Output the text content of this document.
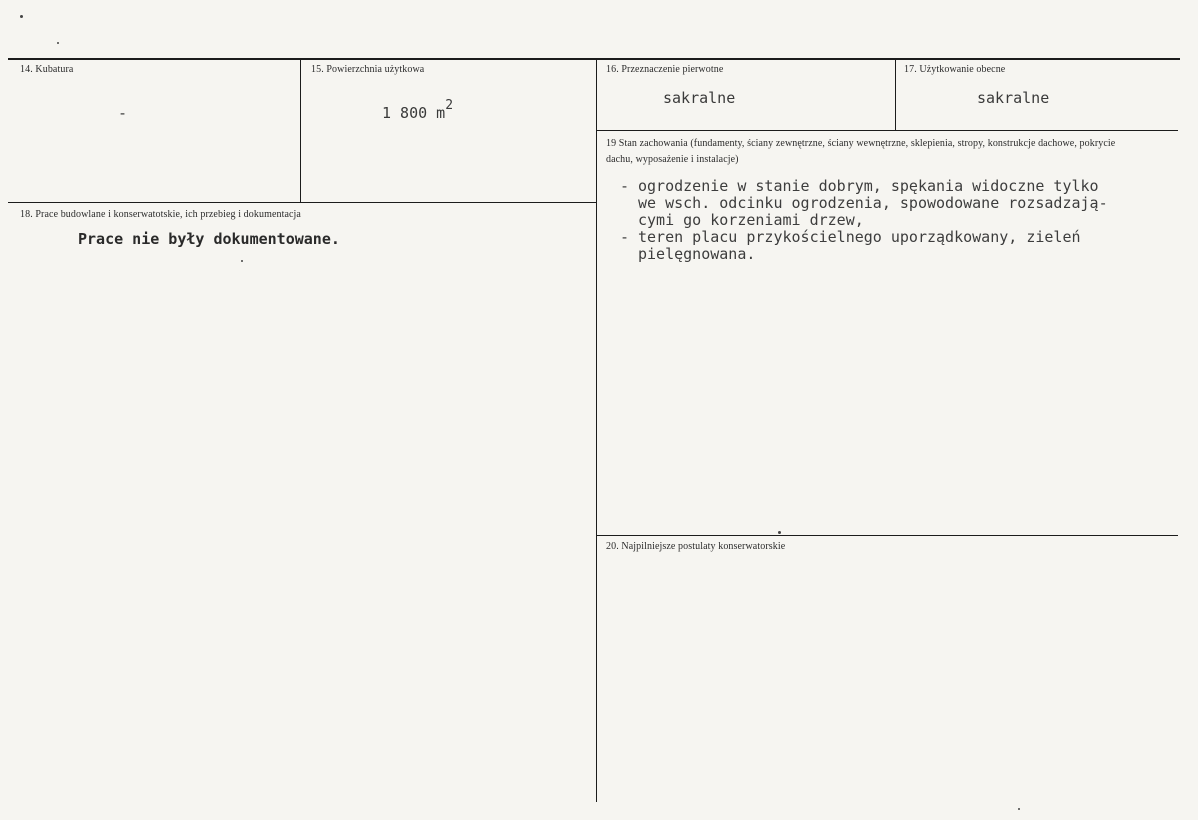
14. Kubatura
-
15. Powierzchnia użytkowa
1 800 m2
16. Przeznaczenie pierwotne
sakralne
17. Użytkowanie obecne
sakralne
18. Prace budowlane i konserwatotskie, ich przebieg i dokumentacja
Prace nie były dokumentowane.
19 Stan zachowania (fundamenty, ściany zewnętrzne, ściany wewnętrzne, sklepienia, stropy, konstrukcje dachowe, pokrycie dachu, wyposażenie i instalacje)
- ogrodzenie w stanie dobrym, spękania widoczne tylko
we wsch. odcinku ogrodzenia, spowodowane rozsadzają-
cymi go korzeniami drzew,
- teren placu przykościelnego uporządkowany, zieleń
pielęgnowana.
20. Najpilniejsze postulaty konserwatorskie
